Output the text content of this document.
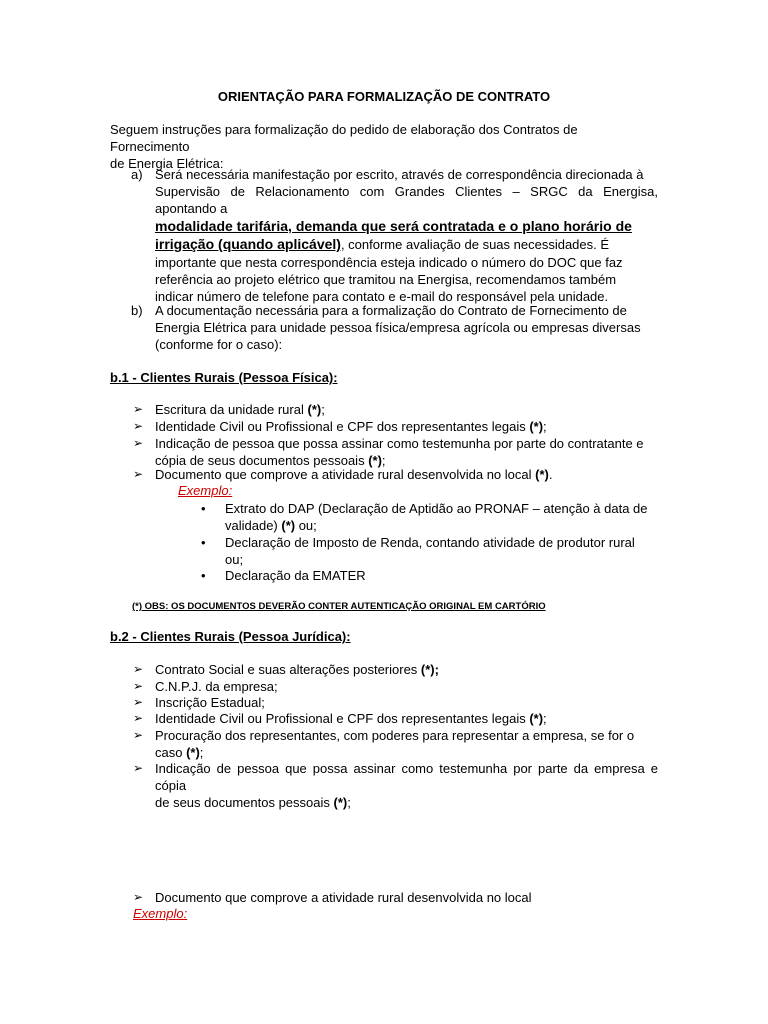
ORIENTAÇÃO PARA FORMALIZAÇÃO DE CONTRATO
Seguem instruções para formalização do pedido de elaboração dos Contratos de Fornecimento
de Energia Elétrica:
a) Será necessária manifestação por escrito, através de correspondência direcionada à
Supervisão de Relacionamento com Grandes Clientes – SRGC da Energisa, apontando a
modalidade tarifária, demanda que será contratada e o plano horário de
irrigação (quando aplicável), conforme avaliação de suas necessidades. É
importante que nesta correspondência esteja indicado o número do DOC que faz
referência ao projeto elétrico que tramitou na Energisa, recomendamos também
indicar número de telefone para contato e e-mail do responsável pela unidade.
b) A documentação necessária para a formalização do Contrato de Fornecimento de
Energia Elétrica para unidade pessoa física/empresa agrícola ou empresas diversas
(conforme for o caso):
b.1 - Clientes Rurais (Pessoa Física):
➢ Escritura da unidade rural (*);
➢ Identidade Civil ou Profissional e CPF dos representantes legais (*);
➢ Indicação de pessoa que possa assinar como testemunha por parte do contratante e
cópia de seus documentos pessoais (*);
➢ Documento que comprove a atividade rural desenvolvida no local (*).
Exemplo:
• Extrato do DAP (Declaração de Aptidão ao PRONAF – atenção à data de
validade) (*) ou;
• Declaração de Imposto de Renda, contando atividade de produtor rural
ou;
• Declaração da EMATER
(*) OBS: OS DOCUMENTOS DEVERÃO CONTER AUTENTICAÇÃO ORIGINAL EM CARTÓRIO
b.2 - Clientes Rurais (Pessoa Jurídica):
➢ Contrato Social e suas alterações posteriores (*);
➢ C.N.P.J. da empresa;
➢ Inscrição Estadual;
➢ Identidade Civil ou Profissional e CPF dos representantes legais (*);
➢ Procuração dos representantes, com poderes para representar a empresa, se for o
caso (*);
➢ Indicação de pessoa que possa assinar como testemunha por parte da empresa e cópia
de seus documentos pessoais (*);
➢ Documento que comprove a atividade rural desenvolvida no local
Exemplo:
